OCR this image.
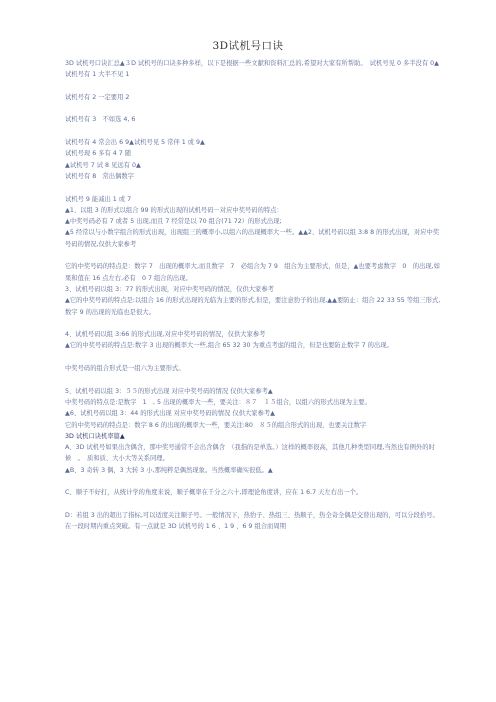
3D试机号口诀

3D 试机号口诀汇总▲３D 试机号的口诀多种多样，以下是根据一些文献和资料汇总的,希望对大家有所帮助。　试机号见 0 多半没有 0▲试机号有 1 大半不见 1

试机号有 2 一定要用 2

试机号有 3　不如选 4, 6

试机号有 4 常会出 6 9▲试机号见 5 常伴 1 或 9▲

试机号现 6 多有 4 7 随

▲试机号 7 试 8 见远有 0▲

试机号有 8　常出偶数字

试机号 9 能减出 1 或 7

▲1、以组 3 的形式以组合 99 的形式出现的试机号码－对应中奖号码的特点：

▲中奖号码必有 7 或者 5 出现,而且 7 经常是以 70 组合(71 72）的形式出现;

▲5 经常以与小数字组合的形式出现，出现组三的概率小,以组六的出现概率大一些。▲▲2、试机号码以组 3:8 8 的形式出现，对应中奖号码的情况,仅供大家参考

它的中奖号码的特点是：数字 7　出现的概率大,而且数字　7　必组合为 7 9　组合为主要形式，但是，▲也要考虑数字　0　的出现,如果和值在 16 点左右,必有　0 7 组合的出现。

3、试机号码以组 3：77 的形式出现，对应中奖号码的情况，仅供大家参考

▲它的中奖号码的特点是:以组合 16 的形式出现的光临为主要的形式,但是，要注意豹子的出现,▲▲要防止：组合 22 33 55 等组三形式,数字 9 的出现的光临也是很大。

4、试机号码以组 3:66 的形式出现,对应中奖号码的情况，仅供大家参考

▲它的中奖号码的特点是:数字 3 出现的概率大一些,组合 65 32 30 为重点考虑的组合，但是也要防止数字 7 的出现。

中奖号码的组合形式是一组六为主要形式。

5、试机号码以组 3：５５的形式出现 对应中奖号码的情况 仅供大家参考▲

中奖号码的特点是:是数字　1　, 5 出现的概率大一些，要关注：８７　１５组合，以组六的形式出现为主要。

▲6、试机号码以组 3：44 的形式出现 对应中奖号码的情况 仅供大家参考▲

它的中奖号码的特点是：数字 8 6 的出现的概率大一些，要关注:80　８５的组合形式的出现，也要关注数字

3D 试机口诀机率篇▲

A、3D 试机号如果出含偶含，那中奖号通常不会出含偶含　（我指的是单选。）这样的概率很高，其他几种类型同理,当然也有例外的时候　。　质和质、大小大等关系同理。

▲B、3 奇转 3 偶，3 大转 3 小,那纯粹是偶然现象。当然概率确实很低。▲

C、顺子不好打，从统计学的角度来说，顺子概率在千分之六十,即理论角度讲，应在 1 6.7 天左右出一个。

D：若组 3 出的超出了指标,可以适度关注顺子号。一般情况下，热豹子、热组三、热顺子，热全奇全偶是交替出现的，可以分段拾号。在一段时期内重点突破。有一点就是 3D 试机号的 1 6 、1 9 、6 9 组合而周期
